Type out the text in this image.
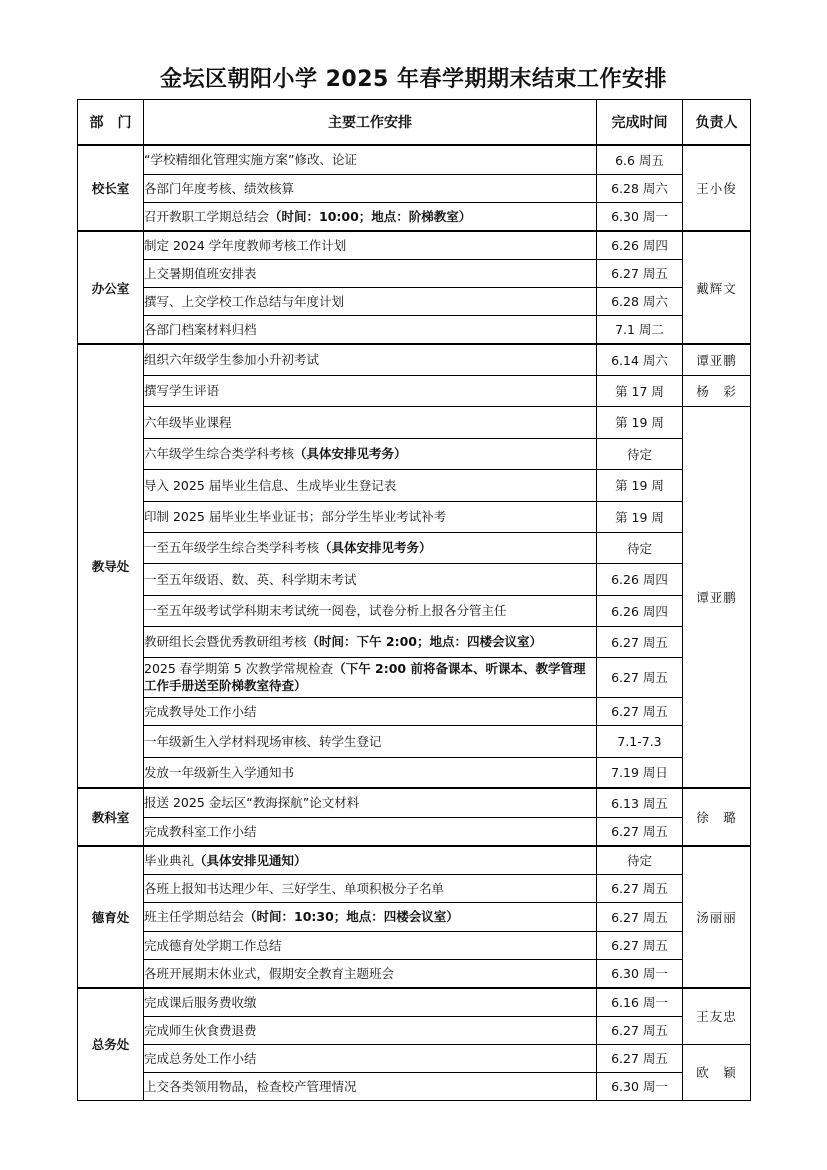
金坛区朝阳小学 2025 年春学期期末结束工作安排
部　门	主要工作安排	完成时间	负责人
校长室	“学校精细化管理实施方案”修改、论证	6.6 周五	王小俊
	各部门年度考核、绩效核算	6.28 周六	
	召开教职工学期总结会（时间：10:00；地点：阶梯教室）	6.30 周一	
办公室	制定 2024 学年度教师考核工作计划	6.26 周四	戴辉文
	上交暑期值班安排表	6.27 周五	
	撰写、上交学校工作总结与年度计划	6.28 周六	
	各部门档案材料归档	7.1 周二	
教导处	组织六年级学生参加小升初考试	6.14 周六	谭亚鹏
	撰写学生评语	第 17 周	杨　彩
	六年级毕业课程	第 19 周	谭亚鹏
	六年级学生综合类学科考核（具体安排见考务）	待定	
	导入 2025 届毕业生信息、生成毕业生登记表	第 19 周	
	印制 2025 届毕业生毕业证书；部分学生毕业考试补考	第 19 周	
	一至五年级学生综合类学科考核（具体安排见考务）	待定	
	一至五年级语、数、英、科学期末考试	6.26 周四	
	一至五年级考试学科期末考试统一阅卷，试卷分析上报各分管主任	6.26 周四	
	教研组长会暨优秀教研组考核（时间：下午 2:00；地点：四楼会议室）	6.27 周五	
	2025 春学期第 5 次教学常规检查（下午 2:00 前将备课本、听课本、教学管理工作手册送至阶梯教室待查）	6.27 周五	
	完成教导处工作小结	6.27 周五	
	一年级新生入学材料现场审核、转学生登记	7.1-7.3	
	发放一年级新生入学通知书	7.19 周日	
教科室	报送 2025 金坛区“教海探航”论文材料	6.13 周五	徐　璐
	完成教科室工作小结	6.27 周五	
德育处	毕业典礼（具体安排见通知）	待定	汤丽丽
	各班上报知书达理少年、三好学生、单项积极分子名单	6.27 周五	
	班主任学期总结会（时间：10:30；地点：四楼会议室）	6.27 周五	
	完成德育处学期工作总结	6.27 周五	
	各班开展期末休业式，假期安全教育主题班会	6.30 周一	
总务处	完成课后服务费收缴	6.16 周一	王友忠
	完成师生伙食费退费	6.27 周五	
	完成总务处工作小结	6.27 周五	欧　颖
	上交各类领用物品，检查校产管理情况	6.30 周一	
